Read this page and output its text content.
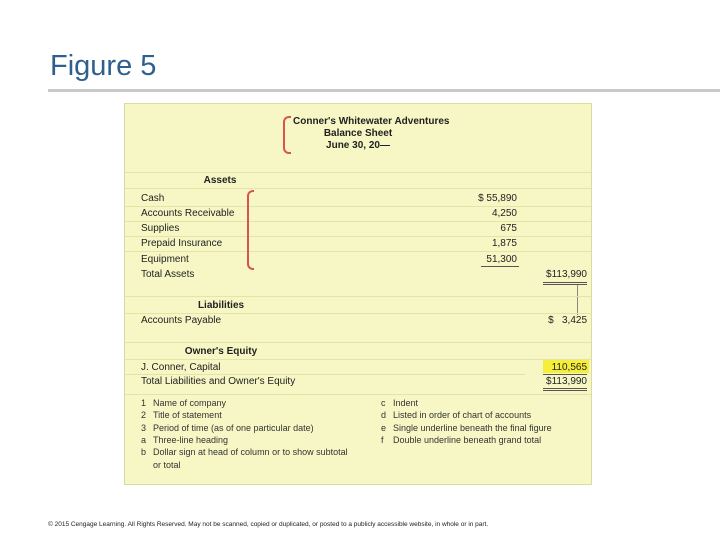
Figure 5
Conner's Whitewater Adventures
Balance Sheet
June 30, 20—
Assets
Cash	$ 55,890
Accounts Receivable	4,250
Supplies	675
Prepaid Insurance	1,875
Equipment	51,300
Total Assets	$113,990
Liabilities
Accounts Payable	$   3,425
Owner's Equity
J. Conner, Capital	110,565
Total Liabilities and Owner's Equity	$113,990
1 Name of company
2 Title of statement
3 Period of time (as of one particular date)
a Three-line heading
b Dollar sign at head of column or to show subtotal
or total
c Indent
d Listed in order of chart of accounts
e Single underline beneath the final figure
f Double underline beneath grand total
© 2015 Cengage Learning. All Rights Reserved. May not be scanned, copied or duplicated, or posted to a publicly accessible website, in whole or in part.
